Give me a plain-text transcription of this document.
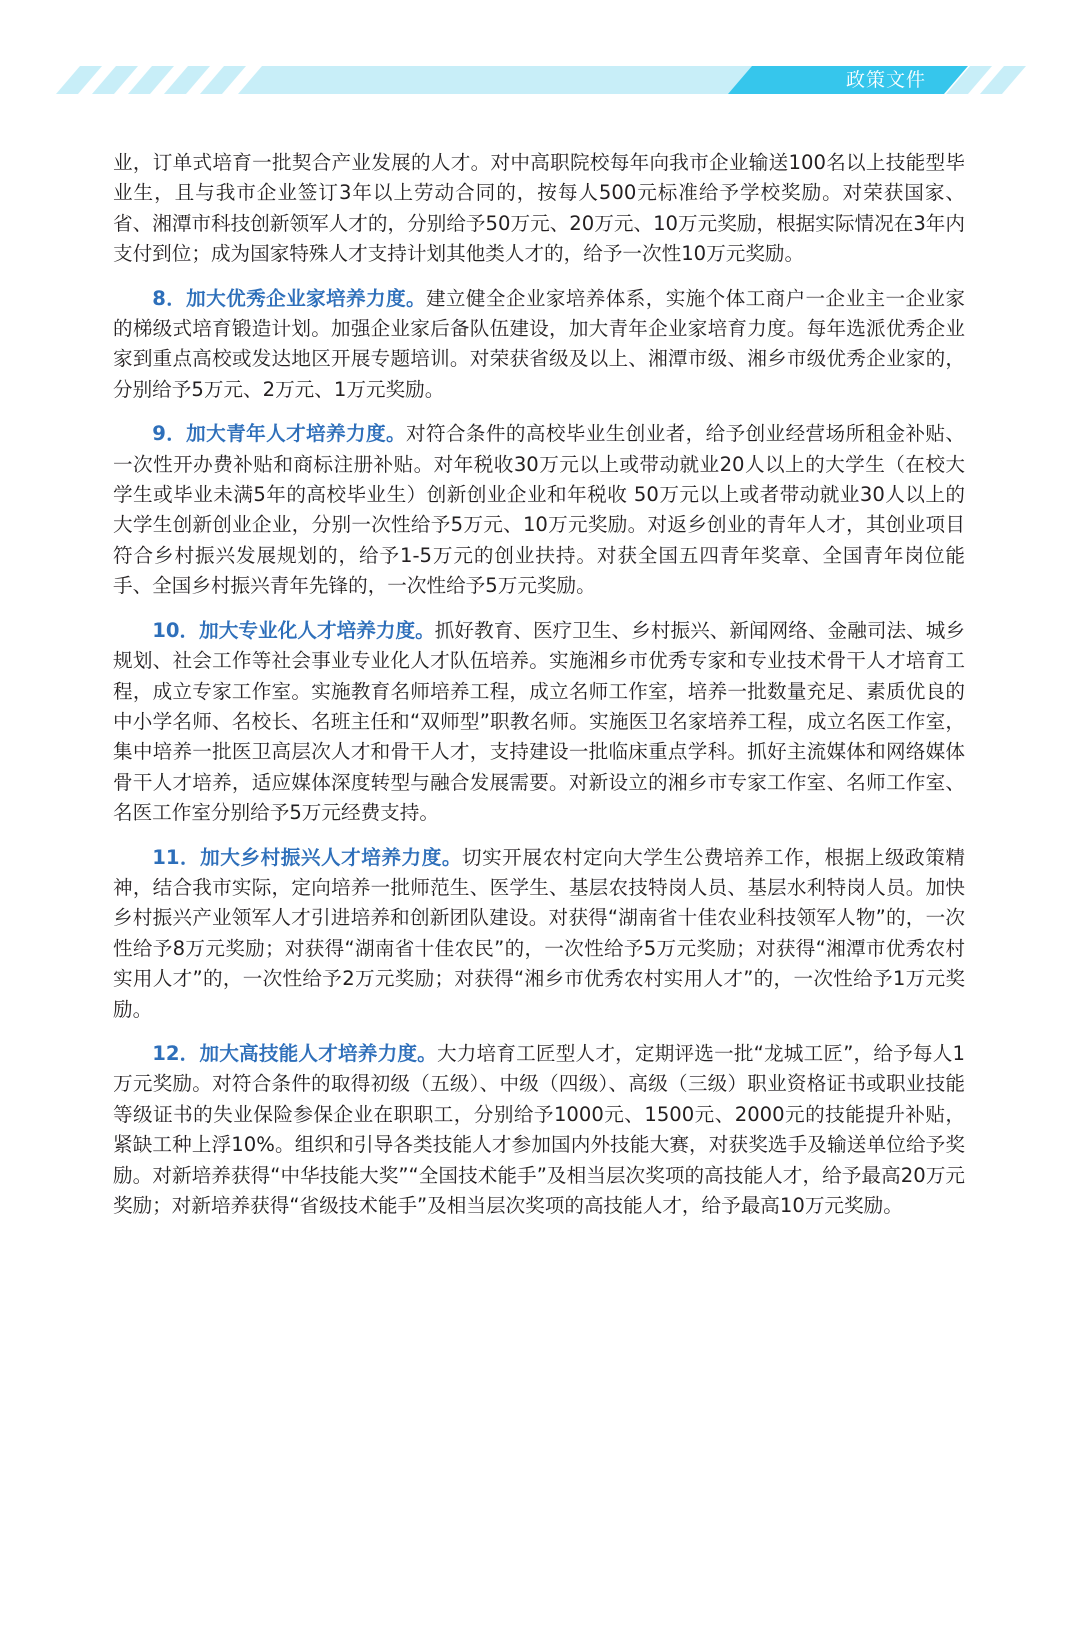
政策文件

业，订单式培育一批契合产业发展的人才。对中高职院校每年向我市企业输送100名以上技能型毕业生，且与我市企业签订3年以上劳动合同的，按每人500元标准给予学校奖励。对荣获国家、省、湘潭市科技创新领军人才的，分别给予50万元、20万元、10万元奖励，根据实际情况在3年内支付到位；成为国家特殊人才支持计划其他类人才的，给予一次性10万元奖励。

8．加大优秀企业家培养力度。建立健全企业家培养体系，实施个体工商户一企业主一企业家的梯级式培育锻造计划。加强企业家后备队伍建设，加大青年企业家培育力度。每年选派优秀企业家到重点高校或发达地区开展专题培训。对荣获省级及以上、湘潭市级、湘乡市级优秀企业家的，分别给予5万元、2万元、1万元奖励。

9．加大青年人才培养力度。对符合条件的高校毕业生创业者，给予创业经营场所租金补贴、一次性开办费补贴和商标注册补贴。对年税收30万元以上或带动就业20人以上的大学生（在校大学生或毕业未满5年的高校毕业生）创新创业企业和年税收 50万元以上或者带动就业30人以上的大学生创新创业企业，分别一次性给予5万元、10万元奖励。对返乡创业的青年人才，其创业项目符合乡村振兴发展规划的，给予1-5万元的创业扶持。对获全国五四青年奖章、全国青年岗位能手、全国乡村振兴青年先锋的，一次性给予5万元奖励。

10．加大专业化人才培养力度。抓好教育、医疗卫生、乡村振兴、新闻网络、金融司法、城乡规划、社会工作等社会事业专业化人才队伍培养。实施湘乡市优秀专家和专业技术骨干人才培育工程，成立专家工作室。实施教育名师培养工程，成立名师工作室，培养一批数量充足、素质优良的中小学名师、名校长、名班主任和“双师型”职教名师。实施医卫名家培养工程，成立名医工作室，集中培养一批医卫高层次人才和骨干人才，支持建设一批临床重点学科。抓好主流媒体和网络媒体骨干人才培养，适应媒体深度转型与融合发展需要。对新设立的湘乡市专家工作室、名师工作室、名医工作室分别给予5万元经费支持。

11．加大乡村振兴人才培养力度。切实开展农村定向大学生公费培养工作，根据上级政策精神，结合我市实际，定向培养一批师范生、医学生、基层农技特岗人员、基层水利特岗人员。加快乡村振兴产业领军人才引进培养和创新团队建设。对获得“湖南省十佳农业科技领军人物”的，一次性给予8万元奖励；对获得“湖南省十佳农民”的，一次性给予5万元奖励；对获得“湘潭市优秀农村实用人才”的，一次性给予2万元奖励；对获得“湘乡市优秀农村实用人才”的，一次性给予1万元奖励。

12．加大高技能人才培养力度。大力培育工匠型人才，定期评选一批“龙城工匠”，给予每人1万元奖励。对符合条件的取得初级（五级）、中级（四级）、高级（三级）职业资格证书或职业技能等级证书的失业保险参保企业在职职工，分别给予1000元、1500元、2000元的技能提升补贴，紧缺工种上浮10%。组织和引导各类技能人才参加国内外技能大赛，对获奖选手及输送单位给予奖励。对新培养获得“中华技能大奖”“全国技术能手”及相当层次奖项的高技能人才，给予最高20万元奖励；对新培养获得“省级技术能手”及相当层次奖项的高技能人才，给予最高10万元奖励。
